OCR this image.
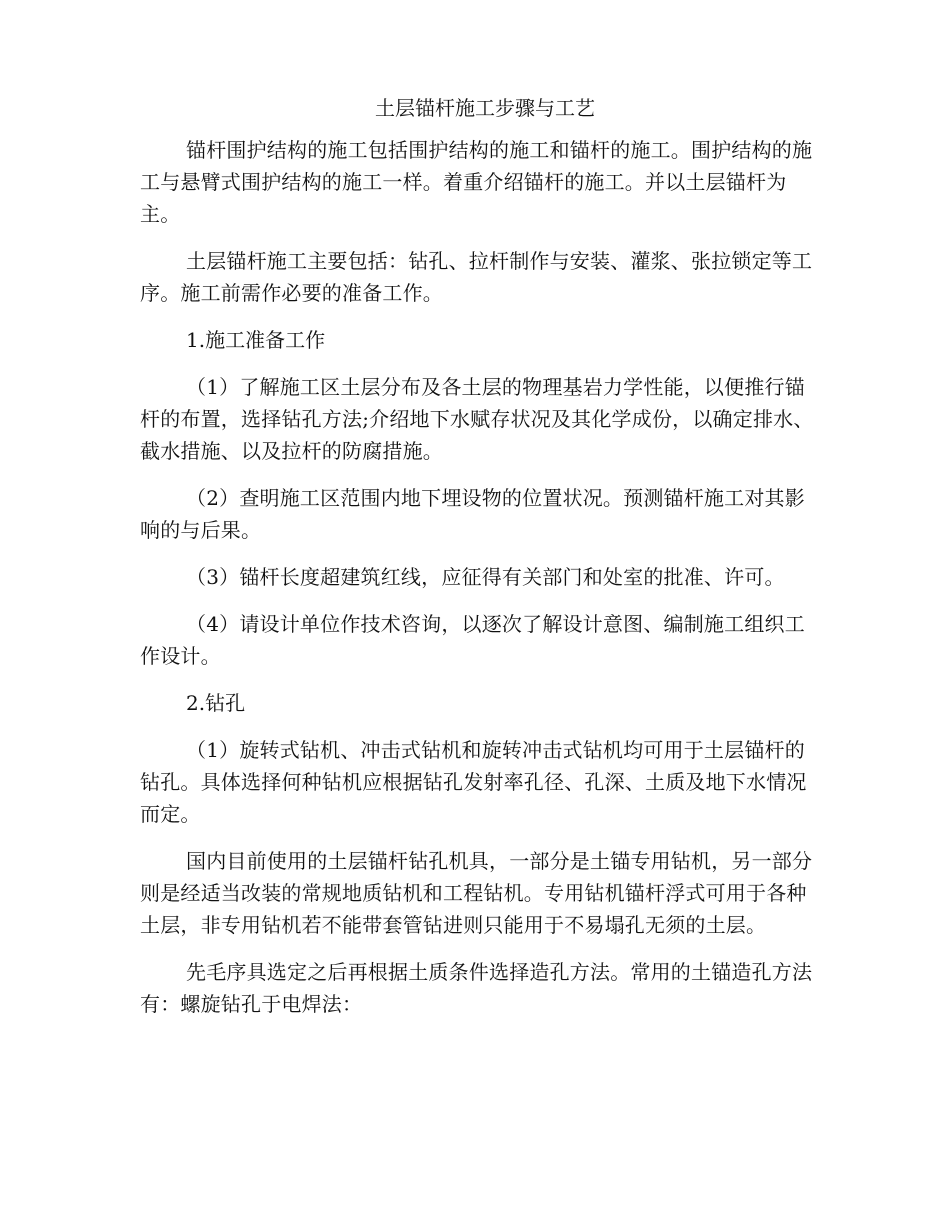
土层锚杆施工步骤与工艺

锚杆围护结构的施工包括围护结构的施工和锚杆的施工。围护结构的施工与悬臂式围护结构的施工一样。着重介绍锚杆的施工。并以土层锚杆为主。

土层锚杆施工主要包括：钻孔、拉杆制作与安装、灌浆、张拉锁定等工序。施工前需作必要的准备工作。

1.施工准备工作

（1）了解施工区土层分布及各土层的物理基岩力学性能，以便推行锚杆的布置，选择钻孔方法;介绍地下水赋存状况及其化学成份，以确定排水、截水措施、以及拉杆的防腐措施。

（2）查明施工区范围内地下埋设物的位置状况。预测锚杆施工对其影响的与后果。

（3）锚杆长度超建筑红线，应征得有关部门和处室的批准、许可。

（4）请设计单位作技术咨询，以逐次了解设计意图、编制施工组织工作设计。

2.钻孔

（1）旋转式钻机、冲击式钻机和旋转冲击式钻机均可用于土层锚杆的钻孔。具体选择何种钻机应根据钻孔发射率孔径、孔深、土质及地下水情况而定。

国内目前使用的土层锚杆钻孔机具，一部分是土锚专用钻机，另一部分则是经适当改装的常规地质钻机和工程钻机。专用钻机锚杆浮式可用于各种土层，非专用钻机若不能带套管钻进则只能用于不易塌孔无须的土层。

先毛序具选定之后再根据土质条件选择造孔方法。常用的土锚造孔方法有：螺旋钻孔于电焊法：
